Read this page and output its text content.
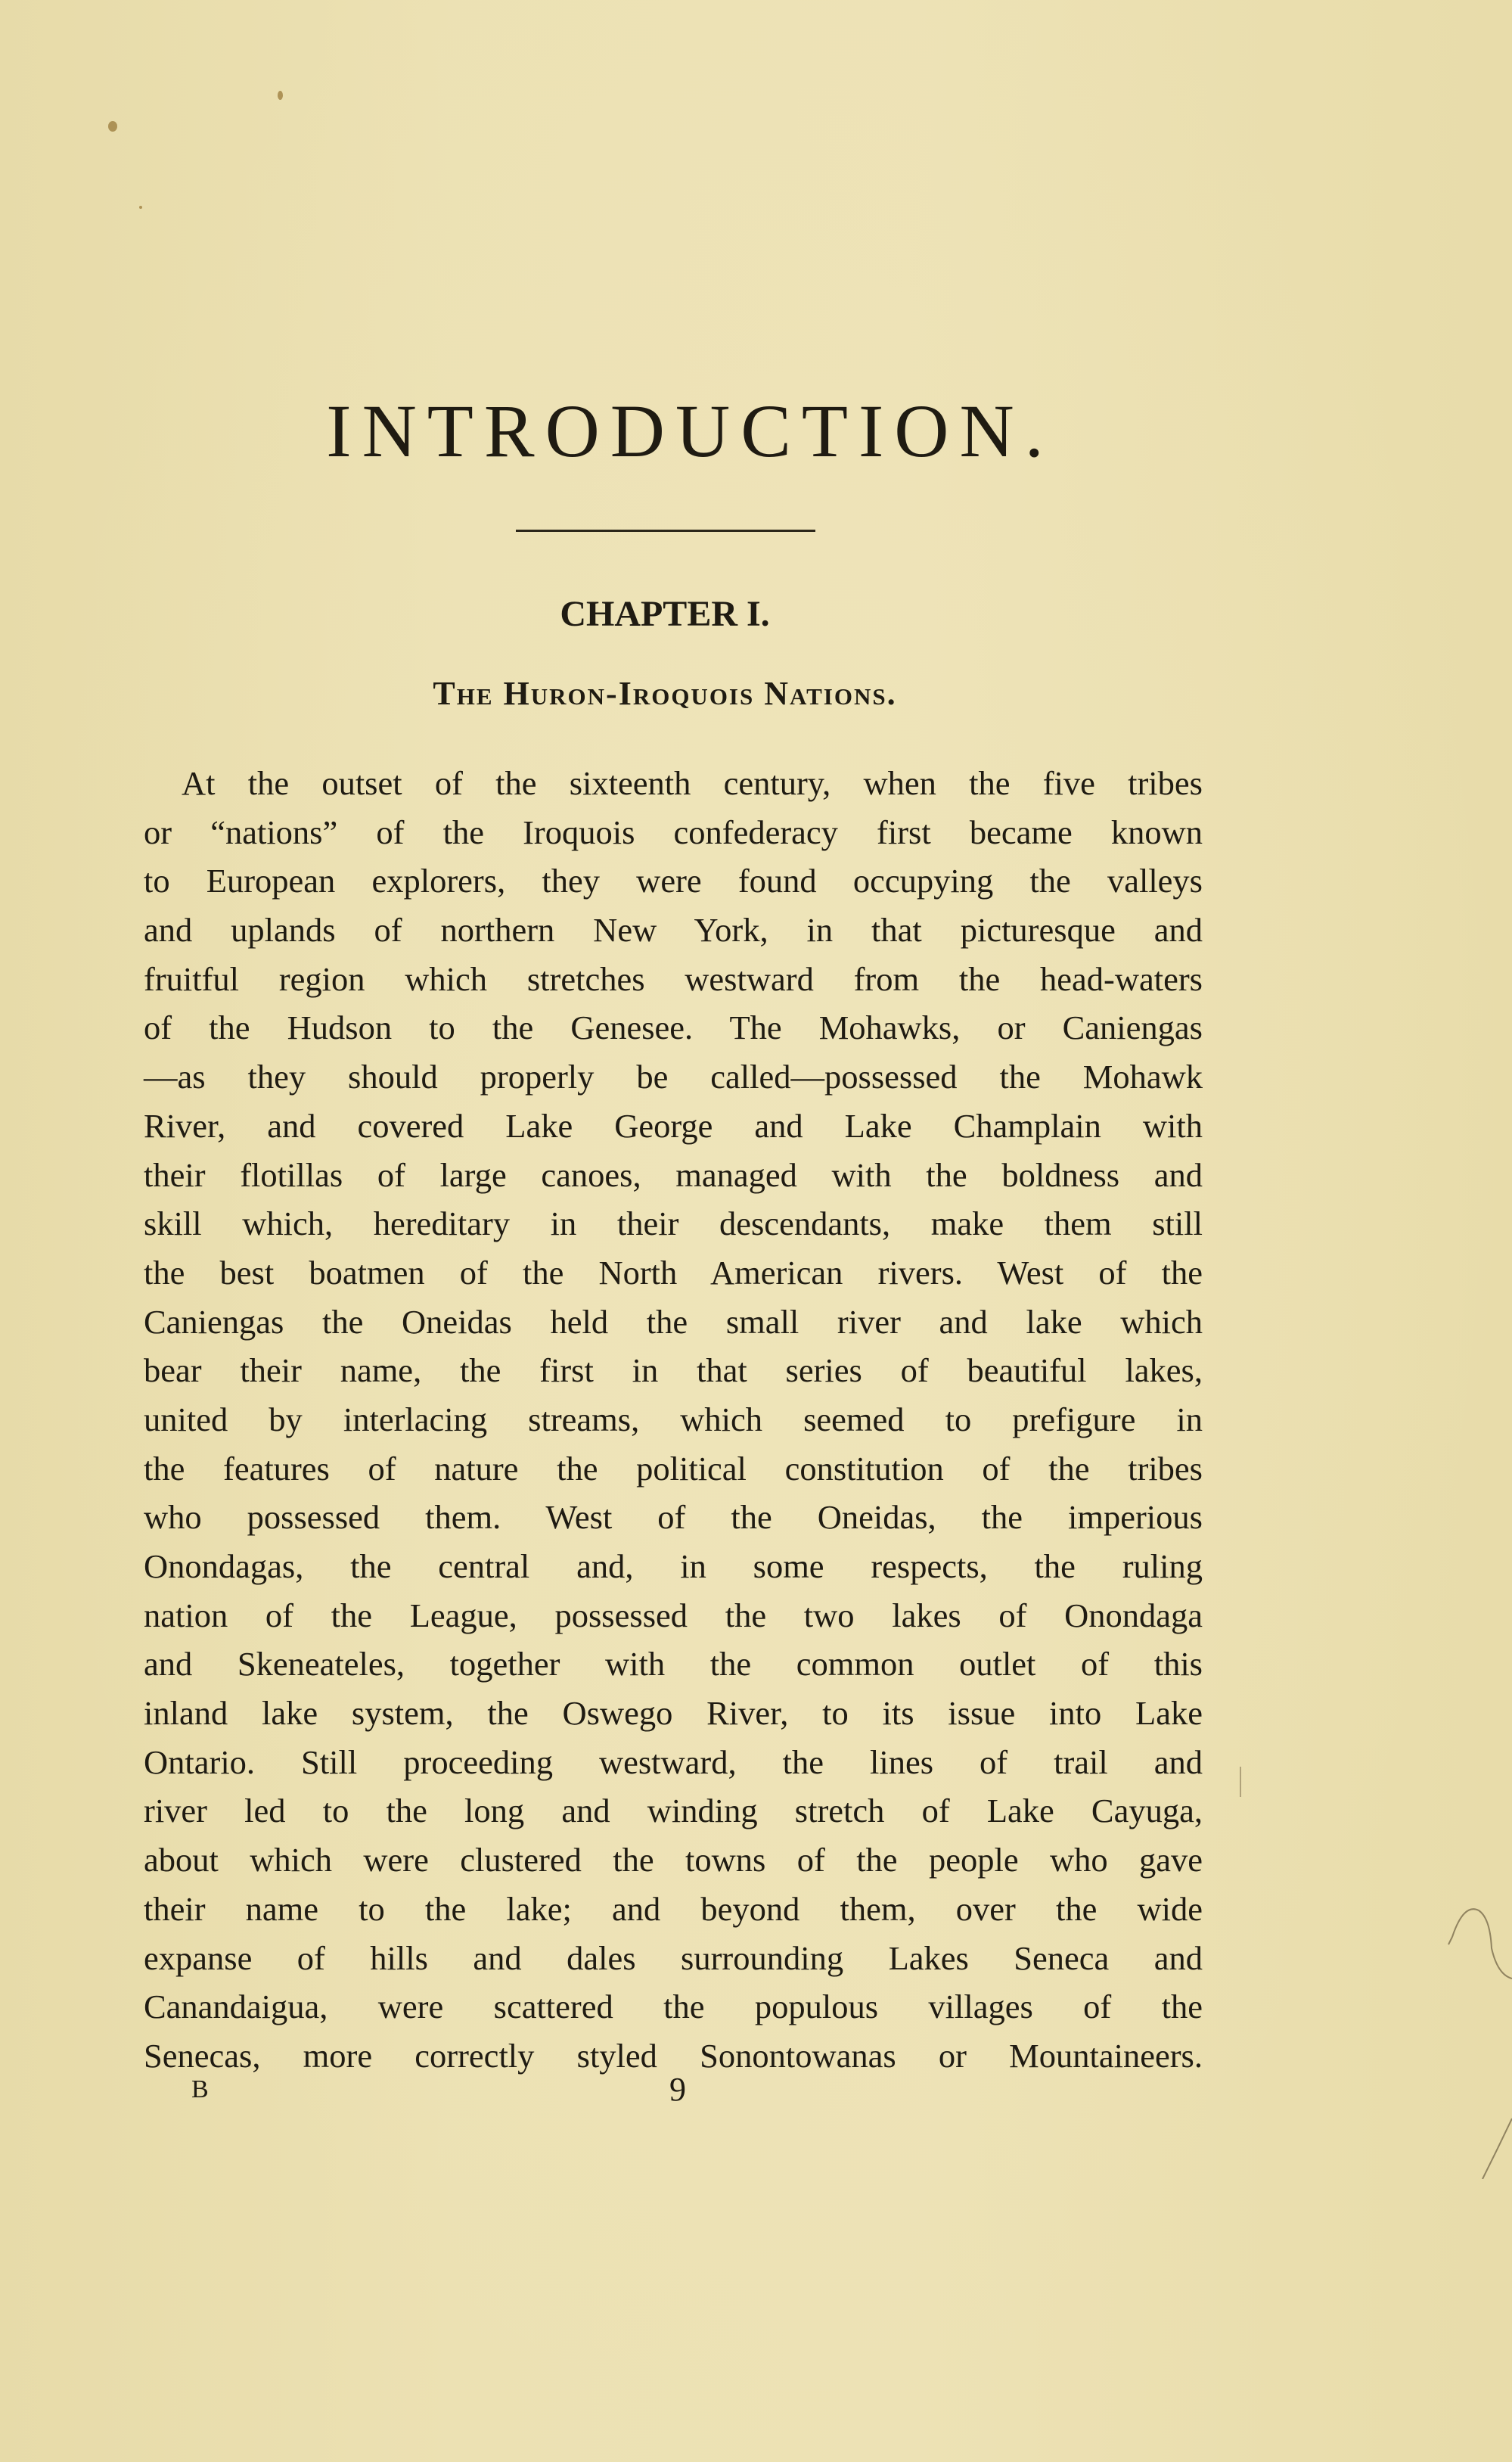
INTRODUCTION.
CHAPTER I.
The Huron-Iroquois Nations.
At the outset of the sixteenth century, when the five tribes
or “nations” of the Iroquois confederacy first became known
to European explorers, they were found occupying the valleys
and uplands of northern New York, in that picturesque and
fruitful region which stretches westward from the head-waters
of the Hudson to the Genesee. The Mohawks, or Caniengas
—as they should properly be called—possessed the Mohawk
River, and covered Lake George and Lake Champlain with
their flotillas of large canoes, managed with the boldness and
skill which, hereditary in their descendants, make them still
the best boatmen of the North American rivers. West of the
Caniengas the Oneidas held the small river and lake which
bear their name, the first in that series of beautiful lakes,
united by interlacing streams, which seemed to prefigure in
the features of nature the political constitution of the tribes
who possessed them. West of the Oneidas, the imperious
Onondagas, the central and, in some respects, the ruling
nation of the League, possessed the two lakes of Onondaga
and Skeneateles, together with the common outlet of this
inland lake system, the Oswego River, to its issue into Lake
Ontario. Still proceeding westward, the lines of trail and
river led to the long and winding stretch of Lake Cayuga,
about which were clustered the towns of the people who gave
their name to the lake; and beyond them, over the wide
expanse of hills and dales surrounding Lakes Seneca and
Canandaigua, were scattered the populous villages of the
Senecas, more correctly styled Sonontowanas or Mountaineers.
B	9
